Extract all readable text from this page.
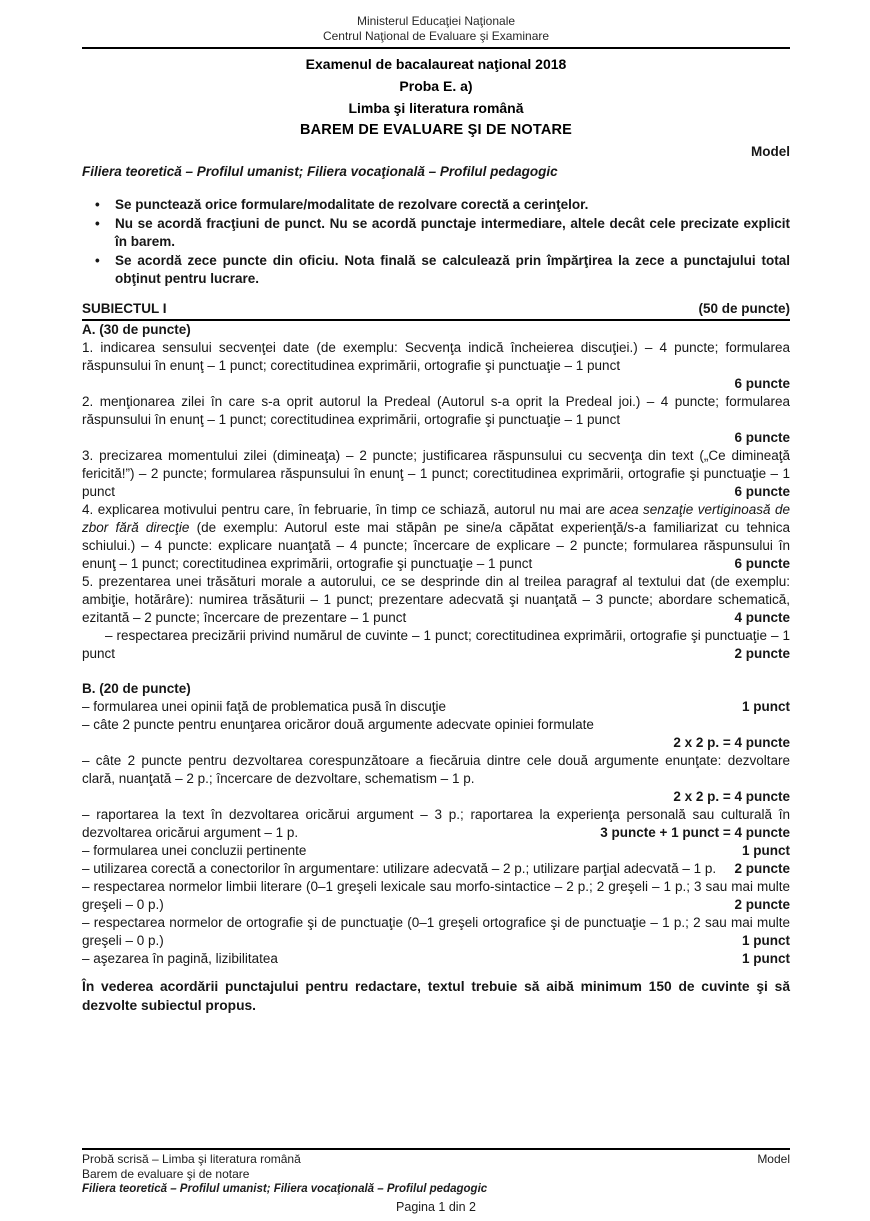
Ministerul Educaţiei Naţionale
Centrul Naţional de Evaluare şi Examinare
Examenul de bacalaureat naţional 2018
Proba E. a)
Limba şi literatura română
BAREM DE EVALUARE ŞI DE NOTARE
Model
Filiera teoretică – Profilul umanist; Filiera vocaţională – Profilul pedagogic
• Se punctează orice formulare/modalitate de rezolvare corectă a cerinţelor.
• Nu se acordă fracţiuni de punct. Nu se acordă punctaje intermediare, altele decât cele precizate explicit în barem.
• Se acordă zece puncte din oficiu. Nota finală se calculează prin împărţirea la zece a punctajului total obţinut pentru lucrare.
SUBIECTUL I	(50 de puncte)
A. (30 de puncte)
1. indicarea sensului secvenţei date (de exemplu: Secvenţa indică încheierea discuţiei.) – 4 puncte; formularea răspunsului în enunţ – 1 punct; corectitudinea exprimării, ortografie şi punctuaţie – 1 punct
6 puncte
2. menţionarea zilei în care s-a oprit autorul la Predeal (Autorul s-a oprit la Predeal joi.) – 4 puncte; formularea răspunsului în enunţ – 1 punct; corectitudinea exprimării, ortografie şi punctuaţie – 1 punct
6 puncte
3. precizarea momentului zilei (dimineaţa) – 2 puncte; justificarea răspunsului cu secvenţa din text („Ce dimineaţă fericită!”) – 2 puncte; formularea răspunsului în enunţ – 1 punct; corectitudinea exprimării, ortografie şi punctuaţie – 1 punct	6 puncte
4. explicarea motivului pentru care, în februarie, în timp ce schiază, autorul nu mai are acea senzaţie vertiginoasă de zbor fără direcţie (de exemplu: Autorul este mai stăpân pe sine/a căpătat experienţă/s-a familiarizat cu tehnica schiului.) – 4 puncte: explicare nuanţată – 4 puncte; încercare de explicare – 2 puncte; formularea răspunsului în enunţ – 1 punct; corectitudinea exprimării, ortografie şi punctuaţie – 1 punct	6 puncte
5. prezentarea unei trăsături morale a autorului, ce se desprinde din al treilea paragraf al textului dat (de exemplu: ambiţie, hotărâre): numirea trăsăturii – 1 punct; prezentare adecvată şi nuanţată – 3 puncte; abordare schematică, ezitantă – 2 puncte; încercare de prezentare – 1 punct	4 puncte
– respectarea precizării privind numărul de cuvinte – 1 punct; corectitudinea exprimării, ortografie şi punctuaţie – 1 punct	2 puncte
B. (20 de puncte)
– formularea unei opinii faţă de problematica pusă în discuţie	1 punct
– câte 2 puncte pentru enunţarea oricăror două argumente adecvate opiniei formulate
2 x 2 p. = 4 puncte
– câte 2 puncte pentru dezvoltarea corespunzătoare a fiecăruia dintre cele două argumente enunţate: dezvoltare clară, nuanţată – 2 p.; încercare de dezvoltare, schematism – 1 p.
2 x 2 p. = 4 puncte
– raportarea la text în dezvoltarea oricărui argument – 3 p.; raportarea la experienţa personală sau culturală în dezvoltarea oricărui argument – 1 p.	3 puncte + 1 punct = 4 puncte
– formularea unei concluzii pertinente	1 punct
– utilizarea corectă a conectorilor în argumentare: utilizare adecvată – 2 p.; utilizare parţial adecvată – 1 p. 2 puncte
– respectarea normelor limbii literare (0–1 greşeli lexicale sau morfo-sintactice – 2 p.; 2 greşeli – 1 p.; 3 sau mai multe greşeli – 0 p.)	2 puncte
– respectarea normelor de ortografie şi de punctuaţie (0–1 greşeli ortografice şi de punctuaţie – 1 p.; 2 sau mai multe greşeli – 0 p.)	1 punct
– aşezarea în pagină, lizibilitatea	1 punct
În vederea acordării punctajului pentru redactare, textul trebuie să aibă minimum 150 de cuvinte şi să dezvolte subiectul propus.
Probă scrisă – Limba şi literatura română	Model
Barem de evaluare şi de notare
Filiera teoretică – Profilul umanist; Filiera vocaţională – Profilul pedagogic
Pagina 1 din 2
